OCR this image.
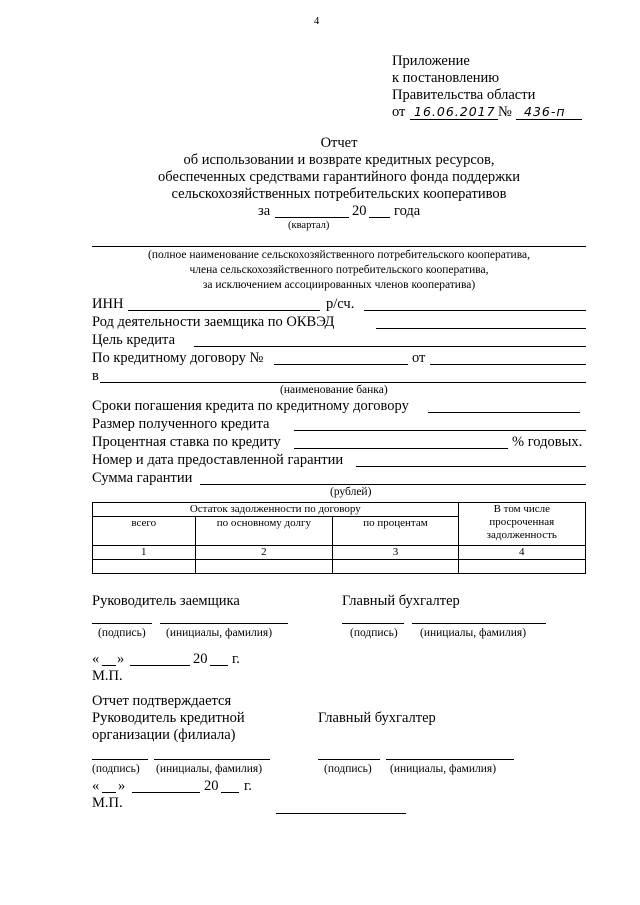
4
Приложение
к постановлению
Правительства области
от 16.06.2017 № 436-п
Отчет
об использовании и возврате кредитных ресурсов,
обеспеченных средствами гарантийного фонда поддержки
сельскохозяйственных потребительских кооперативов
за	20 года
(квартал)
(полное наименование сельскохозяйственного потребительского кооператива,
члена сельскохозяйственного потребительского кооператива,
за исключением ассоциированных членов кооператива)
ИНН	р/сч.
Род деятельности заемщика по ОКВЭД
Цель кредита
По кредитному договору №	от
в
(наименование банка)
Сроки погашения кредита по кредитному договору
Размер полученного кредита
Процентная ставка по кредиту	% годовых.
Номер и дата предоставленной гарантии
Сумма гарантии
(рублей)
Остаток задолженности по договору			В том числе просроченная задолженность
всего	по основному долгу	по процентам	
1	2	3	4

Руководитель заемщика	Главный бухгалтер
(подпись) (инициалы, фамилия)	(подпись) (инициалы, фамилия)
« »	20 г.
М.П.
Отчет подтверждается
Руководитель кредитной
организации (филиала)
Главный бухгалтер
(подпись) (инициалы, фамилия)	(подпись) (инициалы, фамилия)
« »	20 г.
М.П.
